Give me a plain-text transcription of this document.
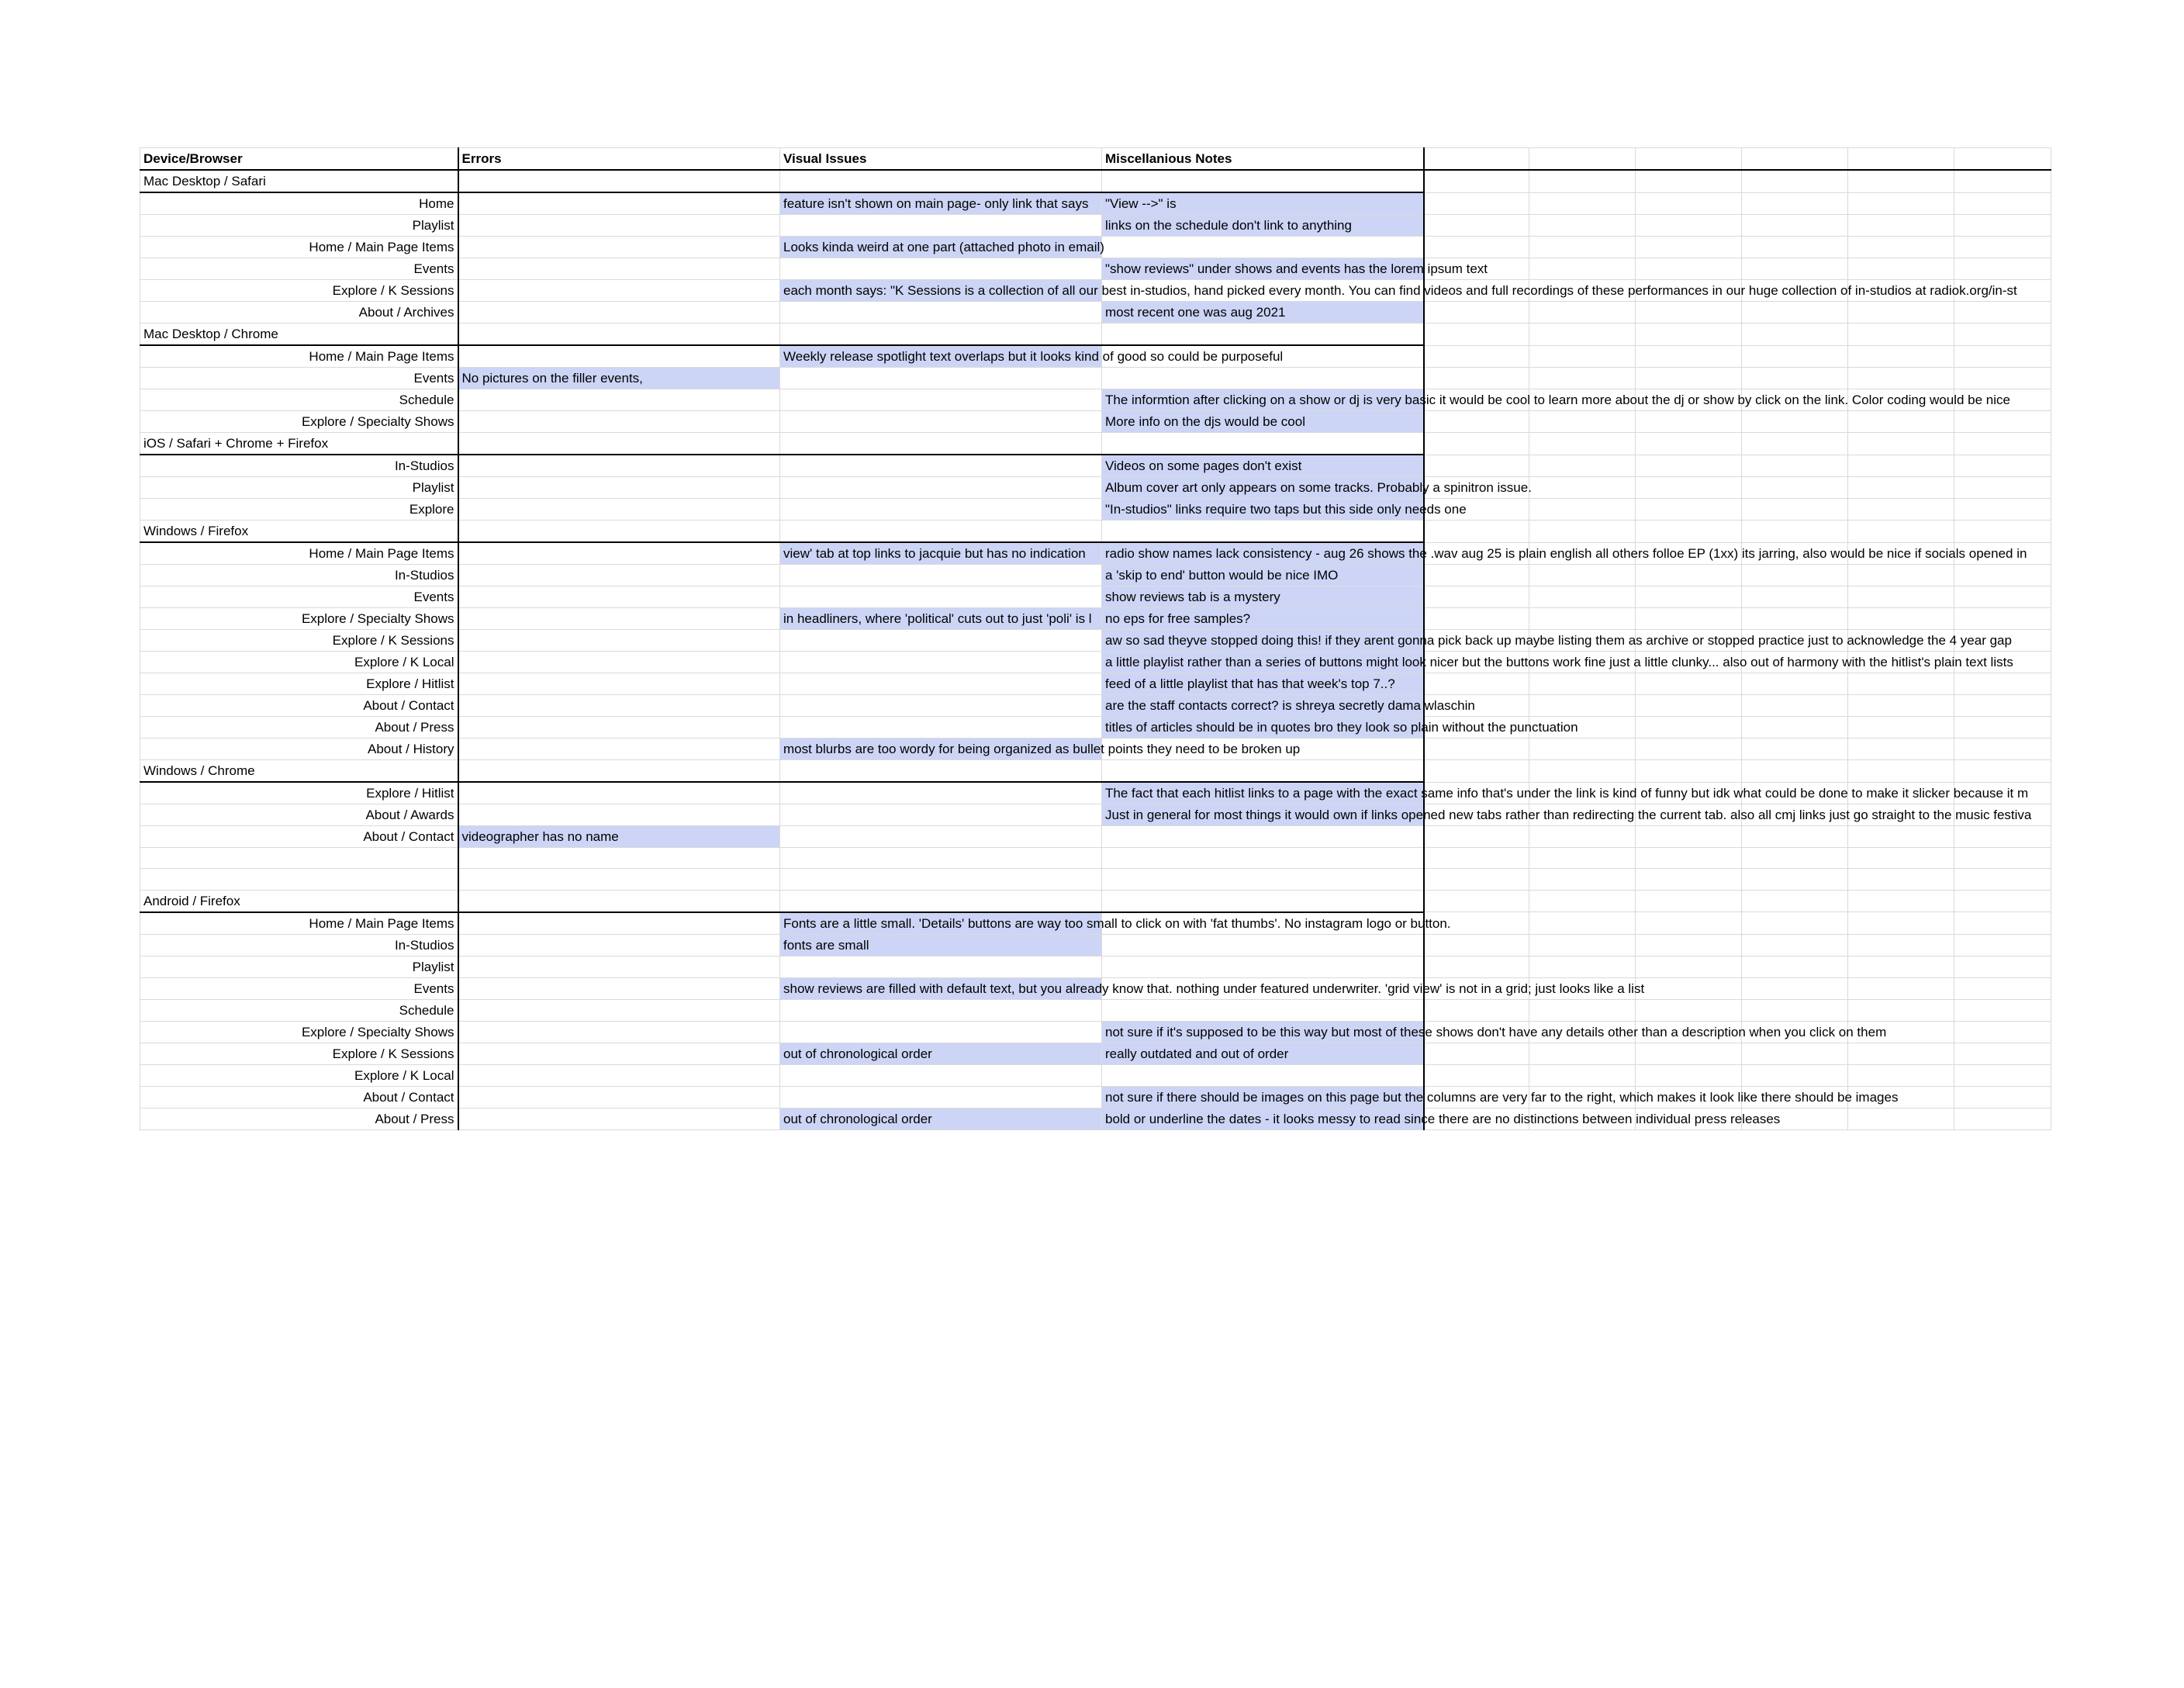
Device/Browser	Errors	Visual Issues	Miscellanious Notes						
Mac Desktop / Safari									
Home		feature isn't shown on main page- only link that says	"View -->" is						
Playlist			links on the schedule don't link to anything						
Home / Main Page Items		Looks kinda weird at one part (attached photo in email)							
Events			"show reviews" under shows and events has the lorem ipsum text						
Explore / K Sessions		each month says: "K Sessions is a collection of all our best in-studios, hand picked every month. You can find videos and full recordings of these performances in our huge collection of in-studios at radiok.org/in-st							
About / Archives			most recent one was aug 2021						
Mac Desktop / Chrome									
Home / Main Page Items		Weekly release spotlight text overlaps but it looks kind of good so could be purposeful							
Events	No pictures on the filler events,								
Schedule			The informtion after clicking on a show or dj is very basic it would be cool to learn more about the dj or show by click on the link. Color coding would be nice						
Explore / Specialty Shows			More info on the djs would be cool						
iOS / Safari + Chrome + Firefox									
In-Studios			Videos on some pages don't exist						
Playlist			Album cover art only appears on some tracks. Probably a spinitron issue.						
Explore			"In-studios" links require two taps but this side only needs one						
Windows / Firefox									
Home / Main Page Items		view' tab at top links to jacquie but has no indication	radio show names lack consistency - aug 26 shows the .wav aug 25 is plain english all others folloe EP (1xx) its jarring, also would be nice if socials opened in						
In-Studios			a 'skip to end' button would be nice IMO						
Events			show reviews tab is a mystery						
Explore / Specialty Shows		in headliners, where 'political' cuts out to just 'poli' is l	no eps for free samples?						
Explore / K Sessions			aw so sad theyve stopped doing this! if they arent gonna pick back up maybe listing them as archive or stopped practice just to acknowledge the 4 year gap						
Explore / K Local			a little playlist rather than a series of buttons might look nicer but the buttons work fine just a little clunky... also out of harmony with the hitlist's plain text lists						
Explore / Hitlist			feed of a little playlist that has that week's top 7..?						
About / Contact			are the staff contacts correct? is shreya secretly dama wlaschin						
About / Press			titles of articles should be in quotes bro they look so plain without the punctuation						
About / History		most blurbs are too wordy for being organized as bullet points they need to be broken up							
Windows / Chrome									
Explore / Hitlist			The fact that each hitlist links to a page with the exact same info that's under the link is kind of funny but idk what could be done to make it slicker because it m						
About / Awards			Just in general for most things it would own if links opened new tabs rather than redirecting the current tab. also all cmj links just go straight to the music festiva						
About / Contact	videographer has no name								

Android / Firefox									
Home / Main Page Items		Fonts are a little small. 'Details' buttons are way too small to click on with 'fat thumbs'. No instagram logo or button.							
In-Studios		fonts are small							
Playlist									
Events		show reviews are filled with default text, but you already know that. nothing under featured underwriter. 'grid view' is not in a grid; just looks like a list							
Schedule									
Explore / Specialty Shows			not sure if it's supposed to be this way but most of these shows don't have any details other than a description when you click on them						
Explore / K Sessions		out of chronological order	really outdated and out of order						
Explore / K Local									
About / Contact			not sure if there should be images on this page but the columns are very far to the right, which makes it look like there should be images						
About / Press		out of chronological order	bold or underline the dates - it looks messy to read since there are no distinctions between individual press releases						
